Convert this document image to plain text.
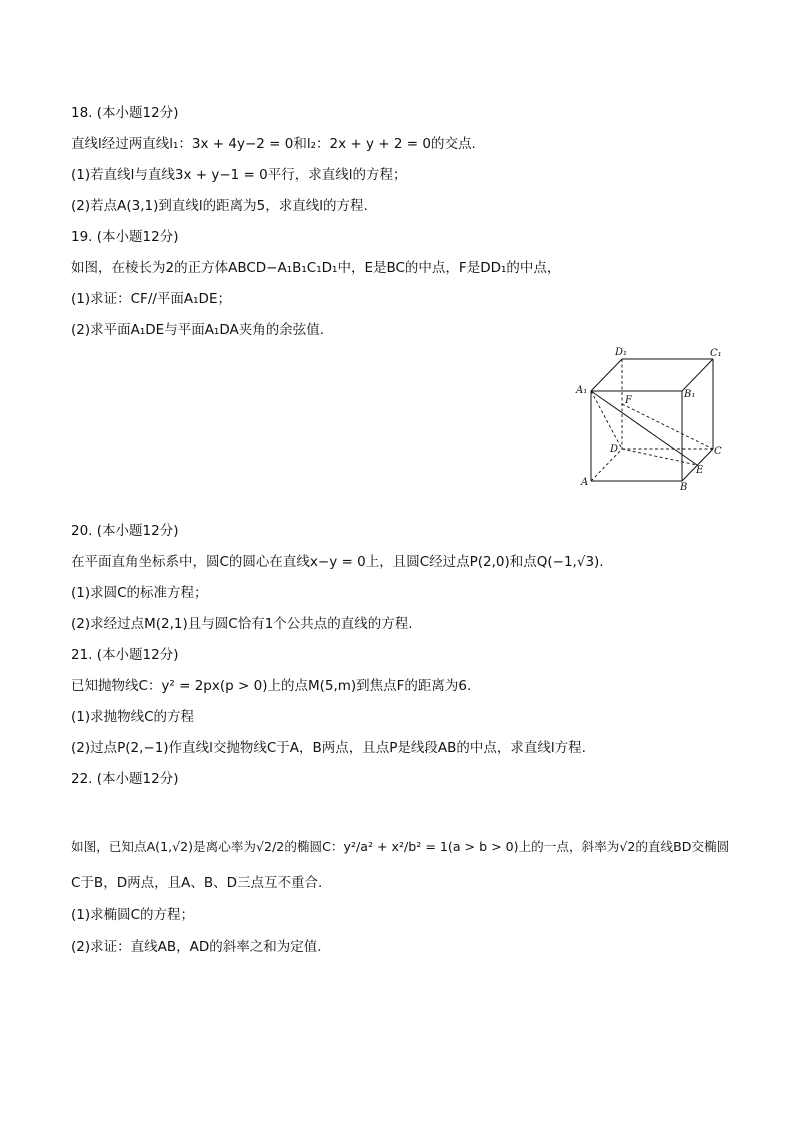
18. (本小题12分)
直线l经过两直线l₁：3x + 4y−2 = 0和l₂：2x + y + 2 = 0的交点.
(1)若直线l与直线3x + y−1 = 0平行，求直线l的方程；
(2)若点A(3,1)到直线l的距离为5，求直线l的方程.
19. (本小题12分)
如图，在棱长为2的正方体ABCD−A₁B₁C₁D₁中，E是BC的中点，F是DD₁的中点，
(1)求证：CF//平面A₁DE；
(2)求平面A₁DE与平面A₁DA夹角的余弦值.
D₁	C₁
A₁	B₁
F
D	C
E
A	B
20. (本小题12分)
在平面直角坐标系中，圆C的圆心在直线x−y = 0上，且圆C经过点P(2,0)和点Q(−1,√3).
(1)求圆C的标准方程；
(2)求经过点M(2,1)且与圆C恰有1个公共点的直线的方程.
21. (本小题12分)
已知抛物线C：y² = 2px(p > 0)上的点M(5,m)到焦点F的距离为6.
(1)求抛物线C的方程
(2)过点P(2,−1)作直线l交抛物线C于A，B两点，且点P是线段AB的中点，求直线l方程.
22. (本小题12分)
如图，已知点A(1,√2)是离心率为√2/2的椭圆C：y²/a² + x²/b² = 1(a > b > 0)上的一点，斜率为√2的直线BD交椭圆
C于B，D两点，且A、B、D三点互不重合.
(1)求椭圆C的方程；
(2)求证：直线AB，AD的斜率之和为定值.
